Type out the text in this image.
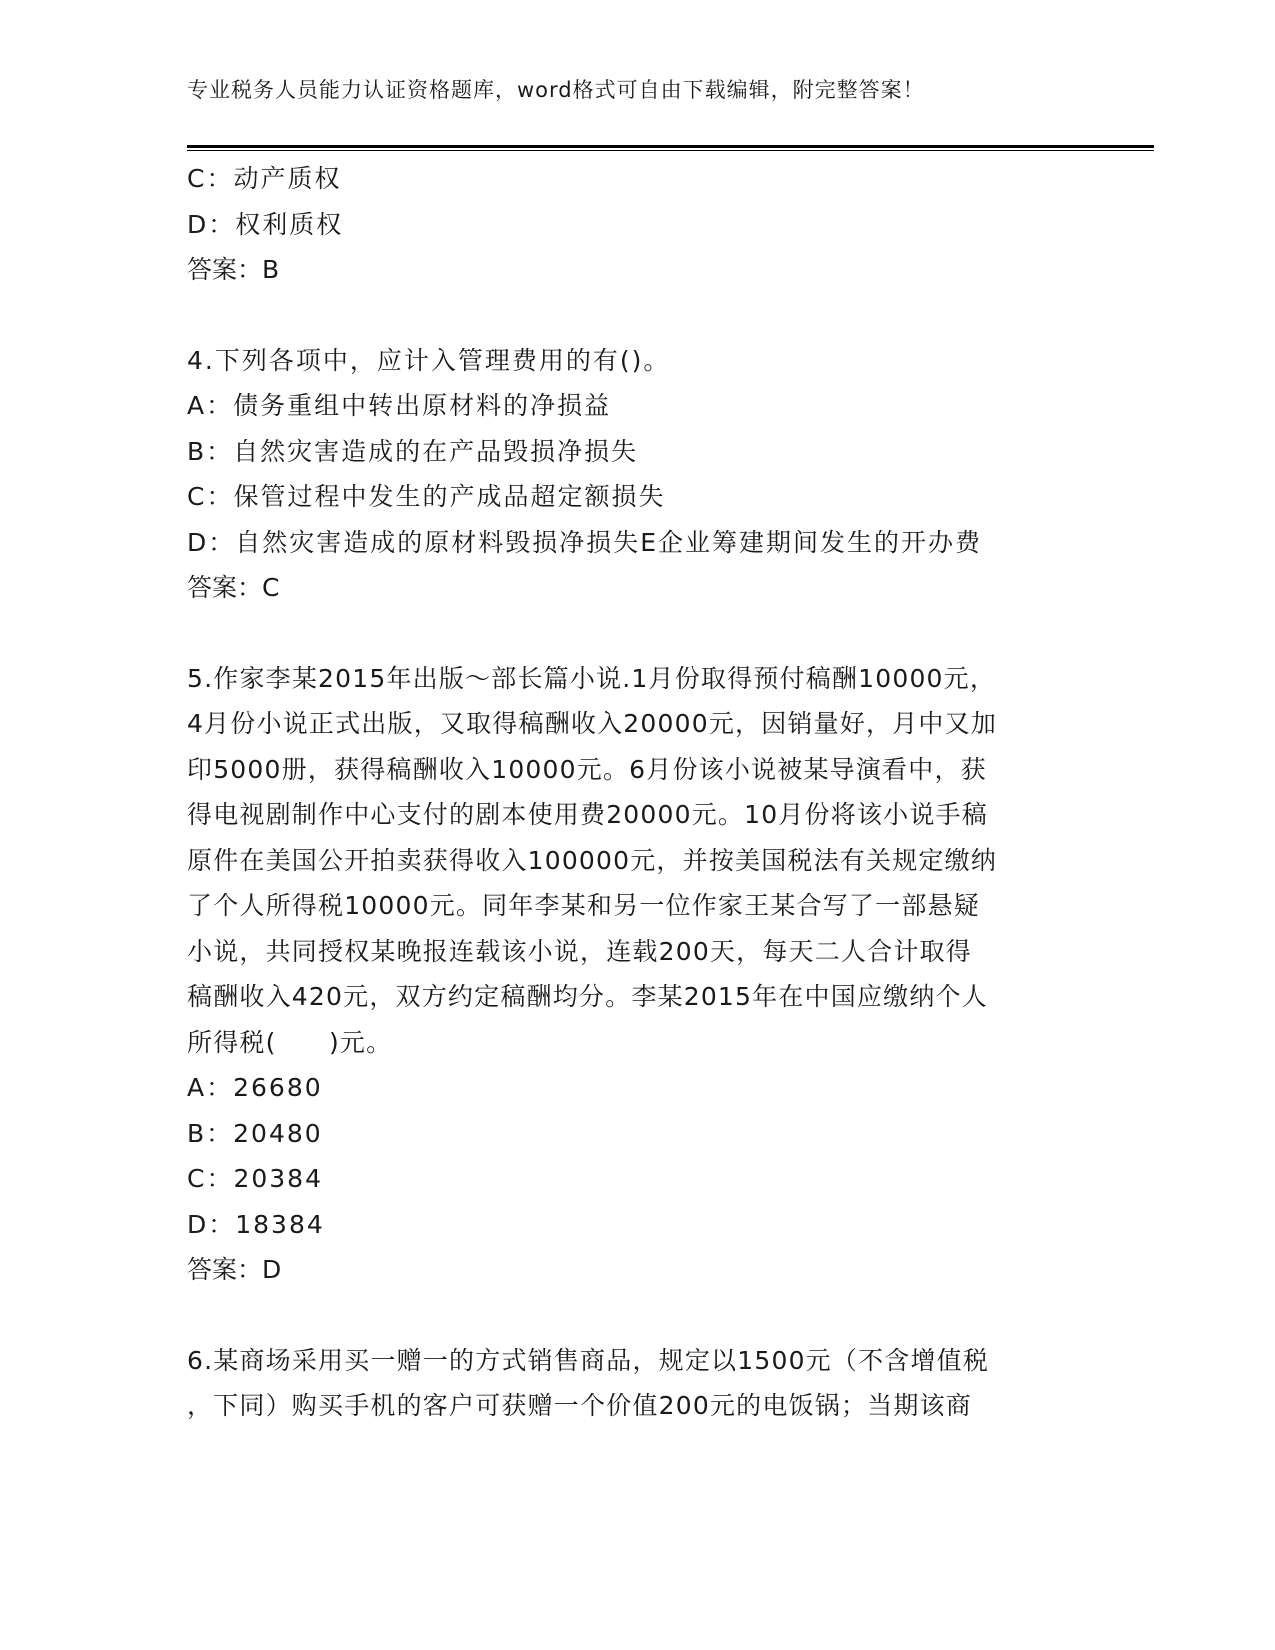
专业税务人员能力认证资格题库，word格式可自由下载编辑，附完整答案！
C：动产质权
D：权利质权
答案：B
4.下列各项中，应计入管理费用的有()。
A：债务重组中转出原材料的净损益
B：自然灾害造成的在产品毁损净损失
C：保管过程中发生的产成品超定额损失
D：自然灾害造成的原材料毁损净损失E企业筹建期间发生的开办费
答案：C
5.作家李某2015年出版～部长篇小说.1月份取得预付稿酬10000元，
4月份小说正式出版，又取得稿酬收入20000元，因销量好，月中又加
印5000册，获得稿酬收入10000元。6月份该小说被某导演看中，获
得电视剧制作中心支付的剧本使用费20000元。10月份将该小说手稿
原件在美国公开拍卖获得收入100000元，并按美国税法有关规定缴纳
了个人所得税10000元。同年李某和另一位作家王某合写了一部悬疑
小说，共同授权某晚报连载该小说，连载200天，每天二人合计取得
稿酬收入420元，双方约定稿酬均分。李某2015年在中国应缴纳个人
所得税(　　)元。
A：26680
B：20480
C：20384
D：18384
答案：D
6.某商场采用买一赠一的方式销售商品，规定以1500元（不含增值税
，下同）购买手机的客户可获赠一个价值200元的电饭锅；当期该商
